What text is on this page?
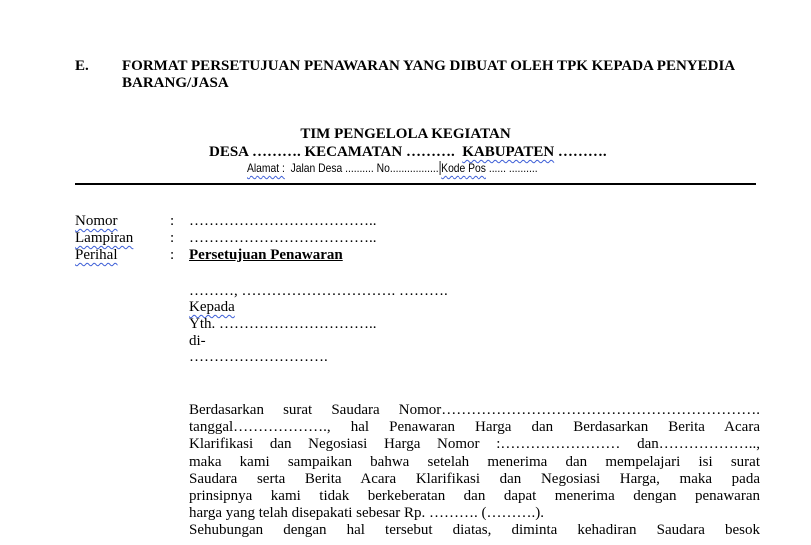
E. FORMAT PERSETUJUAN PENAWARAN YANG DIBUAT OLEH TPK KEPADA PENYEDIA
BARANG/JASA
TIM PENGELOLA KEGIATAN
DESA ………. KECAMATAN ………. KABUPATEN ……….
Alamat : Jalan Desa .......... No................. Kode Pos ...... ..........
Nomor	: ………………………………..
Lampiran : ………………………………..
Perihal	: Persetujuan Penawaran
………, …………………………. ……….
Kepada
Yth. …………………………..
di-
……………………….
Berdasarkan surat Saudara Nomor……………………………………………………….
tanggal………………., hal Penawaran Harga dan Berdasarkan Berita Acara
Klarifikasi dan Negosiasi Harga Nomor :…………………… dan………………..,
maka kami sampaikan bahwa setelah menerima dan mempelajari isi surat
Saudara serta Berita Acara Klarifikasi dan Negosiasi Harga, maka pada
prinsipnya kami tidak berkeberatan dan dapat menerima dengan penawaran
harga yang telah disepakati sebesar Rp. ………. (……….).
Sehubungan dengan hal tersebut diatas, diminta kehadiran Saudara besok
